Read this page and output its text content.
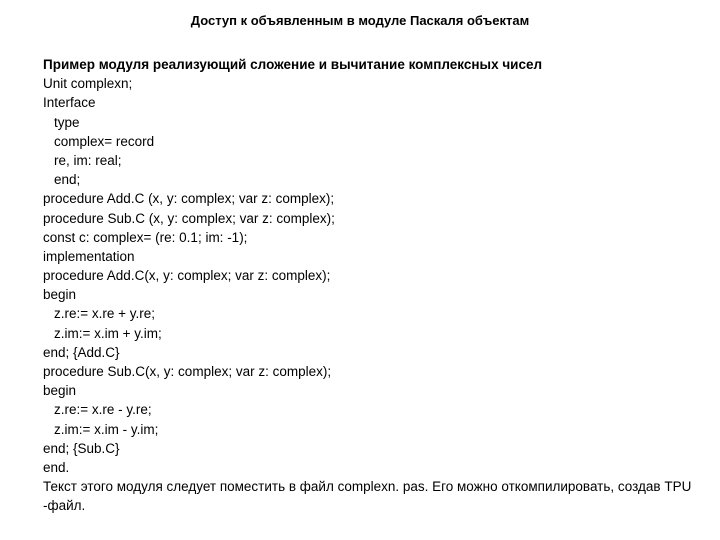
Доступ к объявленным в модуле Паскаля объектам
Пример модуля реализующий сложение и вычитание комплексных чисел
Unit complexn;
Interface
type
complex= record
re, im: real;
end;
procedure Add.C (x, y: complex; var z: complex);
procedure Sub.C (x, y: complex; var z: complex);
const c: complex= (re: 0.1; im: -1);
implementation
procedure Add.C(x, y: complex; var z: complex);
begin
z.re:= x.re + y.re;
z.im:= x.im + y.im;
end; {Add.C}
procedure Sub.C(x, y: complex; var z: complex);
begin
z.re:= x.re - y.re;
z.im:= x.im - y.im;
end; {Sub.C}
end.
Текст этого модуля следует поместить в файл complexn. pas. Его можно откомпилировать, создав TPU -файл.
